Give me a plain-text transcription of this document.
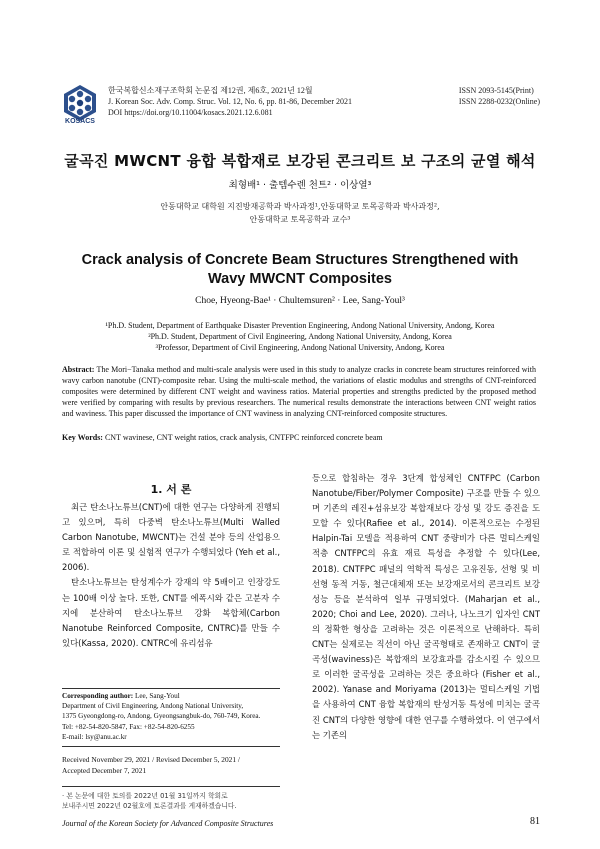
KOSACS
한국복합신소재구조학회 논문집 제12권, 제6호, 2021년 12월
J. Korean Soc. Adv. Comp. Struc. Vol. 12, No. 6, pp. 81-86, December 2021
DOI https://doi.org/10.11004/kosacs.2021.12.6.081
ISSN 2093-5145(Print)
ISSN 2288-0232(Online)
굴곡진 MWCNT 융합 복합재로 보강된 콘크리트 보 구조의 균열 해석
최형배¹ · 출템수렌 천트² · 이상열³
안동대학교 대학원 지진방재공학과 박사과정¹,안동대학교 토목공학과 박사과정²,
안동대학교 토목공학과 교수³
Crack analysis of Concrete Beam Structures Strengthened with
Wavy MWCNT Composites
Choe, Hyeong-Bae¹ · Chultemsuren² · Lee, Sang-Youl³
¹Ph.D. Student, Department of Earthquake Disaster Prevention Engineering, Andong National University, Andong, Korea
²Ph.D. Student, Department of Civil Engineering, Andong National University, Andong, Korea
³Professor, Department of Civil Engineering, Andong National University, Andong, Korea
Abstract: The Mori−Tanaka method and multi-scale analysis were used in this study to analyze cracks in concrete beam structures reinforced with wavy carbon nanotube (CNT)-composite rebar. Using the multi-scale method, the variations of elastic modulus and strengths of CNT-reinforced composites were determined by different CNT weight and waviness ratios. Material properties and strengths predicted by the proposed method were verified by comparing with results by previous researchers. The numerical results demonstrate the interactions between CNT weight ratios and waviness. This paper discussed the importance of CNT waviness in analyzing CNT-reinforced composite structures.
Key Words: CNT wavinese, CNT weight ratios, crack analysis, CNTFPC reinforced concrete beam
1. 서 론

최근 탄소나노튜브(CNT)에 대한 연구는 다양하게 진행되고 있으며, 특히 다중벽 탄소나노튜브(Multi Walled Carbon Nanotube, MWCNT)는 건설 분야 등의 산업용으로 적합하여 이론 및 실험적 연구가 수행되었다 (Yeh et al., 2006).

탄소나노튜브는 탄성계수가 강재의 약 5배이고 인장강도는 100배 이상 높다. 또한, CNT를 에폭시와 같은 고분자 수지에 분산하여 탄소나노튜브 강화 복합체(Carbon Nanotube Reinforced Composite, CNTRC)를 만들 수 있다(Kassa, 2020). CNTRC에 유리섬유

Corresponding author: Lee, Sang-Youl
Department of Civil Engineering, Andong National University,
1375 Gyeongdong-ro, Andong, Gyeongsangbuk-do, 760-749, Korea.
Tel: +82-54-820-5847, Fax: +82-54-820-6255
E-mail: lsy@anu.ac.kr
Received November 29, 2021 / Revised December 5, 2021 /
Accepted December 7, 2021
· 본 논문에 대한 토의를 2022년 01월 31일까지 학회로
보내주시면 2022년 02월호에 토론결과를 게재하겠습니다.

등으로 합침하는 경우 3단계 합성체인 CNTFPC (Carbon Nanotube/Fiber/Polymer Composite) 구조를 만들 수 있으며 기존의 레진+섬유보강 복합재보다 강성 및 강도 증진을 도모할 수 있다(Rafiee et al., 2014). 이론적으로는 수정된 Halpin-Tai 모델을 적용하여 CNT 중량비가 다른 멀티스케일 적층 CNTFPC의 유효 재료 특성을 추정할 수 있다(Lee, 2018). CNTFPC 패널의 역학적 특성은 고유진동, 선형 및 비선형 동적 거동, 철근대체재 또는 보강재로서의 콘크리트 보강성능 등을 분석하여 일부 규명되었다. (Maharjan et al., 2020; Choi and Lee, 2020). 그러나, 나노크기 입자인 CNT의 정확한 형상을 고려하는 것은 이론적으로 난해하다. 특히 CNT는 실제로는 직선이 아닌 굴곡형태로 존재하고 CNT이 굴곡성(waviness)은 복합재의 보강효과를 감소시킬 수 있으므로 이러한 굴곡성을 고려하는 것은 중요하다 (Fisher et al., 2002). Yanase and Moriyama (2013)는 멀티스케일 기법을 사용하여 CNT 융합 복합재의 탄성거동 특성에 미치는 굴곡진 CNT의 다양한 영향에 대한 연구를 수행하였다. 이 연구에서는 기존의

Journal of the Korean Society for Advanced Composite Structures	81
